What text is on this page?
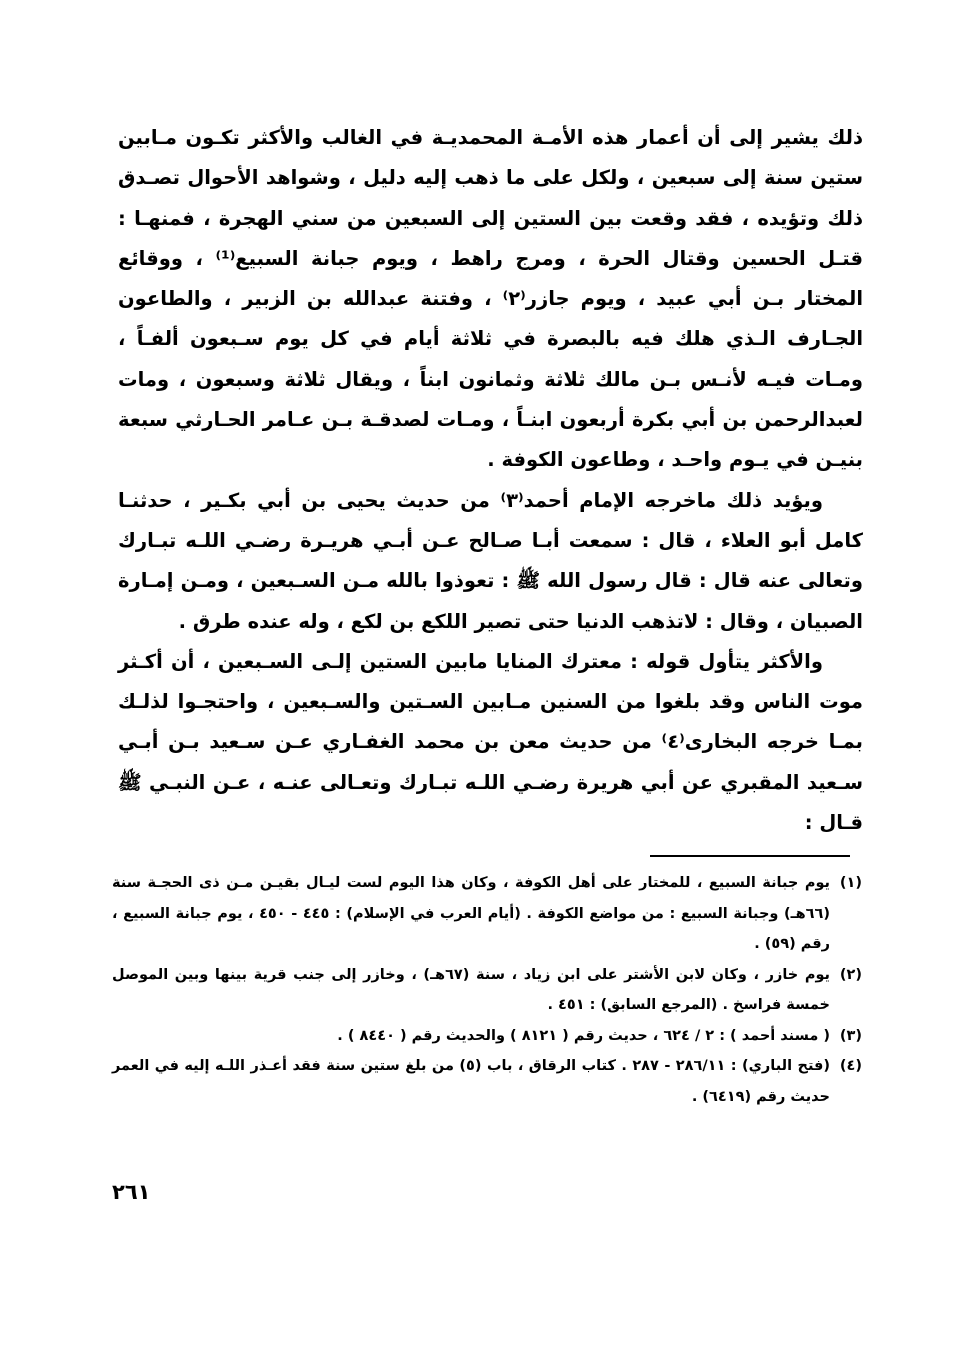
ذلك يشير إلى أن أعمار هذه الأمـة المحمديـة في الغالب والأكثر تكـون مـابين ستين سنة إلى سبعين ، ولكل على ما ذهب إليه دليل ، وشواهد الأحوال تصـدق ذلك وتؤيده ، فقد وقعت بين الستين إلى السبعين من سني الهجرة ، فمنهـا : قتـل الحسين وقتال الحرة ، ومرج راهط ، ويوم جبانة السبيع⁽¹⁾ ، ووقائع المختار بـن أبي عبيد ، ويوم جازر⁽٢⁾ ، وفتنة عبدالله بن الزبير ، والطاعون الجـارف الـذي هلك فيه بالبصرة في ثلاثة أيام في كل يوم سـبعون ألفـاً ، ومـات فيـه لأنـس بـن مالك ثلاثة وثمانون ابناً ، ويقال ثلاثة وسبعون ، ومات لعبدالرحمن بن أبي بكرة أربعون ابنـاً ، ومـات لصدقـة بـن عـامر الحـارثي سبعة بنيـن في يـوم واحـد ، وطاعون الكوفة .

ويؤيد ذلك ماخرجه الإمام أحمد⁽٣⁾ من حديث يحيى بن أبي بكـير ، حدثنـا كامل أبو العلاء ، قال : سمعت أبـا صـالح عـن أبـي هريـرة رضـي اللـه تبـارك وتعالى عنه قال : قال رسول الله ﷺ : تعوذوا بالله مـن السـبعين ، ومـن إمـارة الصبيان ، وقال : لاتذهب الدنيا حتى تصير اللكع بن لكع ، وله عنده طرق .

والأكثر يتأول قوله : معترك المنايا مابين الستين إلـى السـبعين ، أن أكـثر موت الناس وقد بلغوا من السنين مـابين السـتين والسـبعين ، واحتجـوا لذلـك بمـا خرجه البخارى⁽٤⁾ من حديث معن بن محمد الغفـاري عـن سـعيد بـن أبـي سـعيد المقبري عن أبي هريرة رضـي اللـه تبـارك وتعـالى عنـه ، عـن النبـي ﷺ قـال :

(١)
يوم جبانة السبيع ، للمختار على أهل الكوفة ، وكان هذا اليوم لست ليـال بقيـن مـن ذى الحجـة سنة (٦٦هـ) وجبانة السبيع : من مواضع الكوفة . (أيام العرب في الإسلام) : ٤٤٥ - ٤٥٠ ، يوم جبانة السبيع ، رقم (٥٩) .
(٢)
يوم خازر ، وكان لابن الأشتر على ابن زياد ، سنة (٦٧هـ) ، وخازر إلى جنب قرية بينها وبين الموصل خمسة فراسخ . (المرجع السابق) : ٤٥١ .
(٣)
( مسند أحمد ) : ٢ / ٦٢٤ ، حديث رقم ( ٨١٢١ ) والحديث رقم ( ٨٤٤٠ ) .
(٤)
(فتح الباري) : ٢٨٦/١١ - ٢٨٧ . كتاب الرقاق ، باب (٥) من بلغ ستين سنة فقد أعـذر اللـه إليه في العمر حديث رقم (٦٤١٩) .
٢٦١
